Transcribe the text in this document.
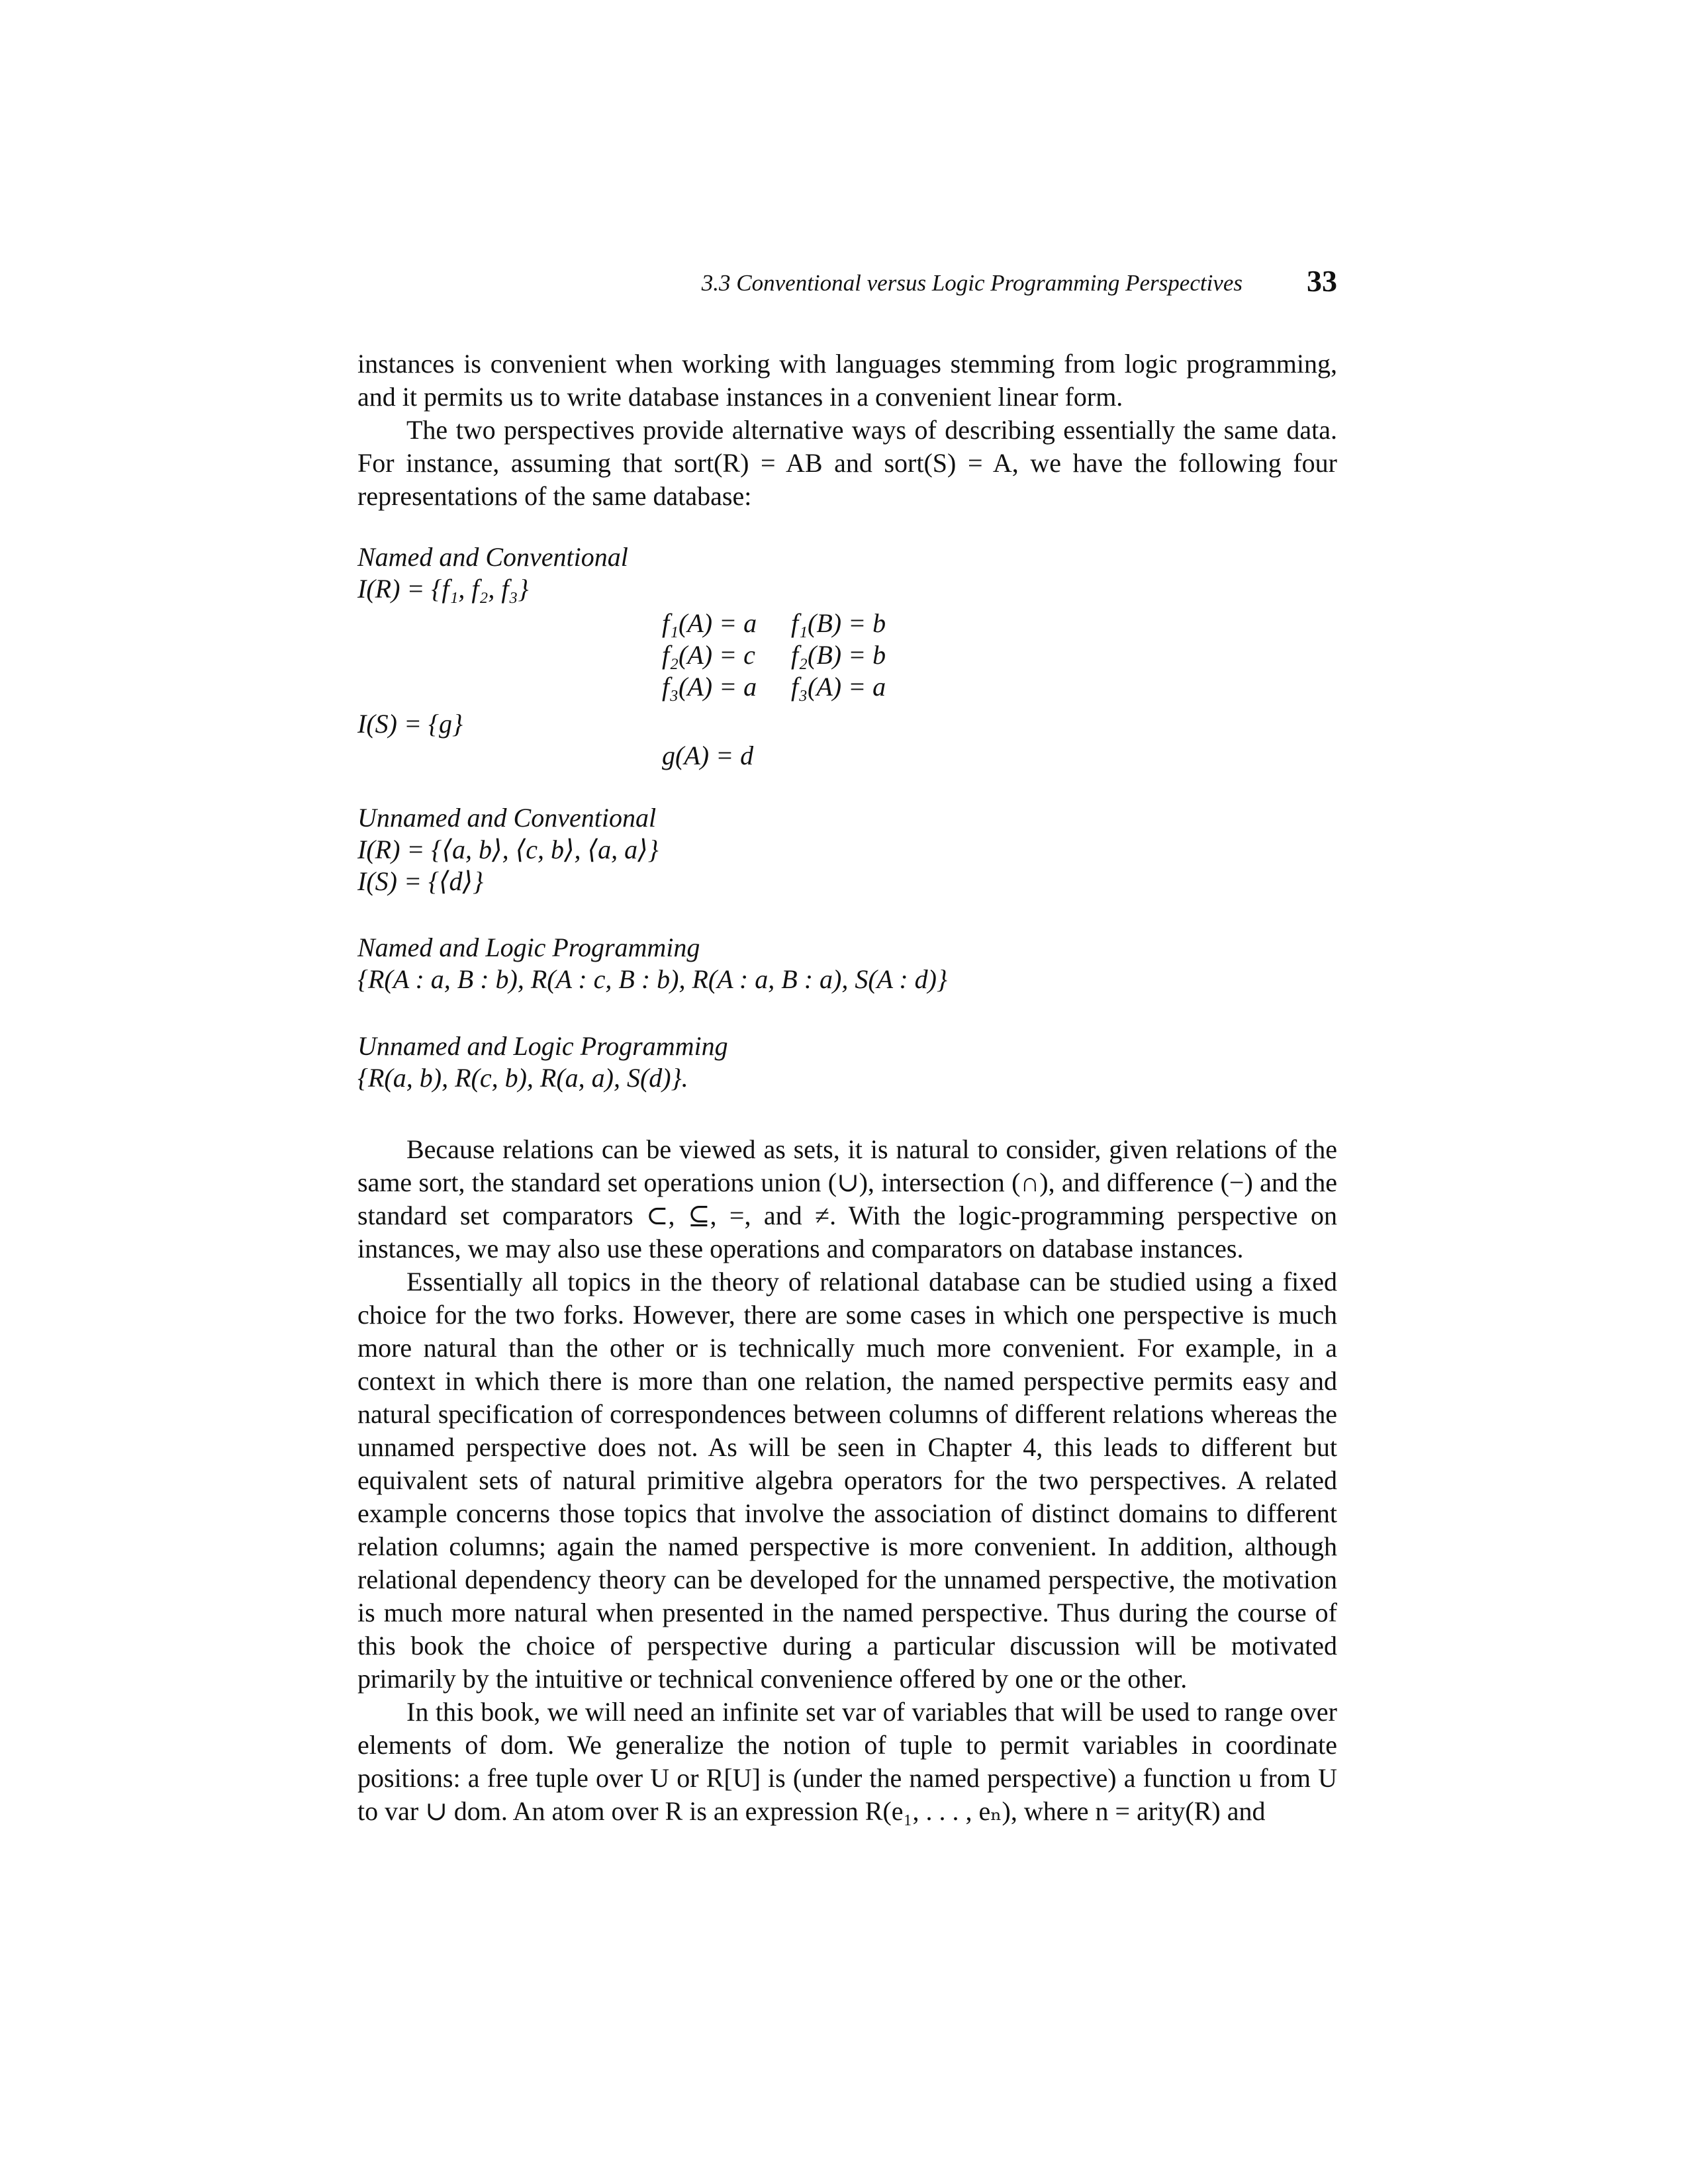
3.3 Conventional versus Logic Programming Perspectives 33

instances is convenient when working with languages stemming from logic programming, and it permits us to write database instances in a convenient linear form.

The two perspectives provide alternative ways of describing essentially the same data. For instance, assuming that sort(R) = AB and sort(S) = A, we have the following four representations of the same database:

Named and Conventional
I(R) = {f₁, f₂, f₃}
f₁(A) = a f₁(B) = b
f₂(A) = c f₂(B) = b
f₃(A) = a f₃(A) = a
I(S) = {g}
g(A) = d
Unnamed and Conventional
I(R) = {⟨a, b⟩, ⟨c, b⟩, ⟨a, a⟩}
I(S) = {⟨d⟩}
Named and Logic Programming
{R(A : a, B : b), R(A : c, B : b), R(A : a, B : a), S(A : d)}
Unnamed and Logic Programming
{R(a, b), R(c, b), R(a, a), S(d)}.

Because relations can be viewed as sets, it is natural to consider, given relations of the same sort, the standard set operations union (∪), intersection (∩), and difference (−) and the standard set comparators ⊂, ⊆, =, and ≠. With the logic-programming perspective on instances, we may also use these operations and comparators on database instances.

Essentially all topics in the theory of relational database can be studied using a fixed choice for the two forks. However, there are some cases in which one perspective is much more natural than the other or is technically much more convenient. For example, in a context in which there is more than one relation, the named perspective permits easy and natural specification of correspondences between columns of different relations whereas the unnamed perspective does not. As will be seen in Chapter 4, this leads to different but equivalent sets of natural primitive algebra operators for the two perspectives. A related example concerns those topics that involve the association of distinct domains to different relation columns; again the named perspective is more convenient. In addition, although relational dependency theory can be developed for the unnamed perspective, the motivation is much more natural when presented in the named perspective. Thus during the course of this book the choice of perspective during a particular discussion will be motivated primarily by the intuitive or technical convenience offered by one or the other.

In this book, we will need an infinite set var of variables that will be used to range over elements of dom. We generalize the notion of tuple to permit variables in coordinate positions: a free tuple over U or R[U] is (under the named perspective) a function u from U to var ∪ dom. An atom over R is an expression R(e₁, . . . , eₙ), where n = arity(R) and
